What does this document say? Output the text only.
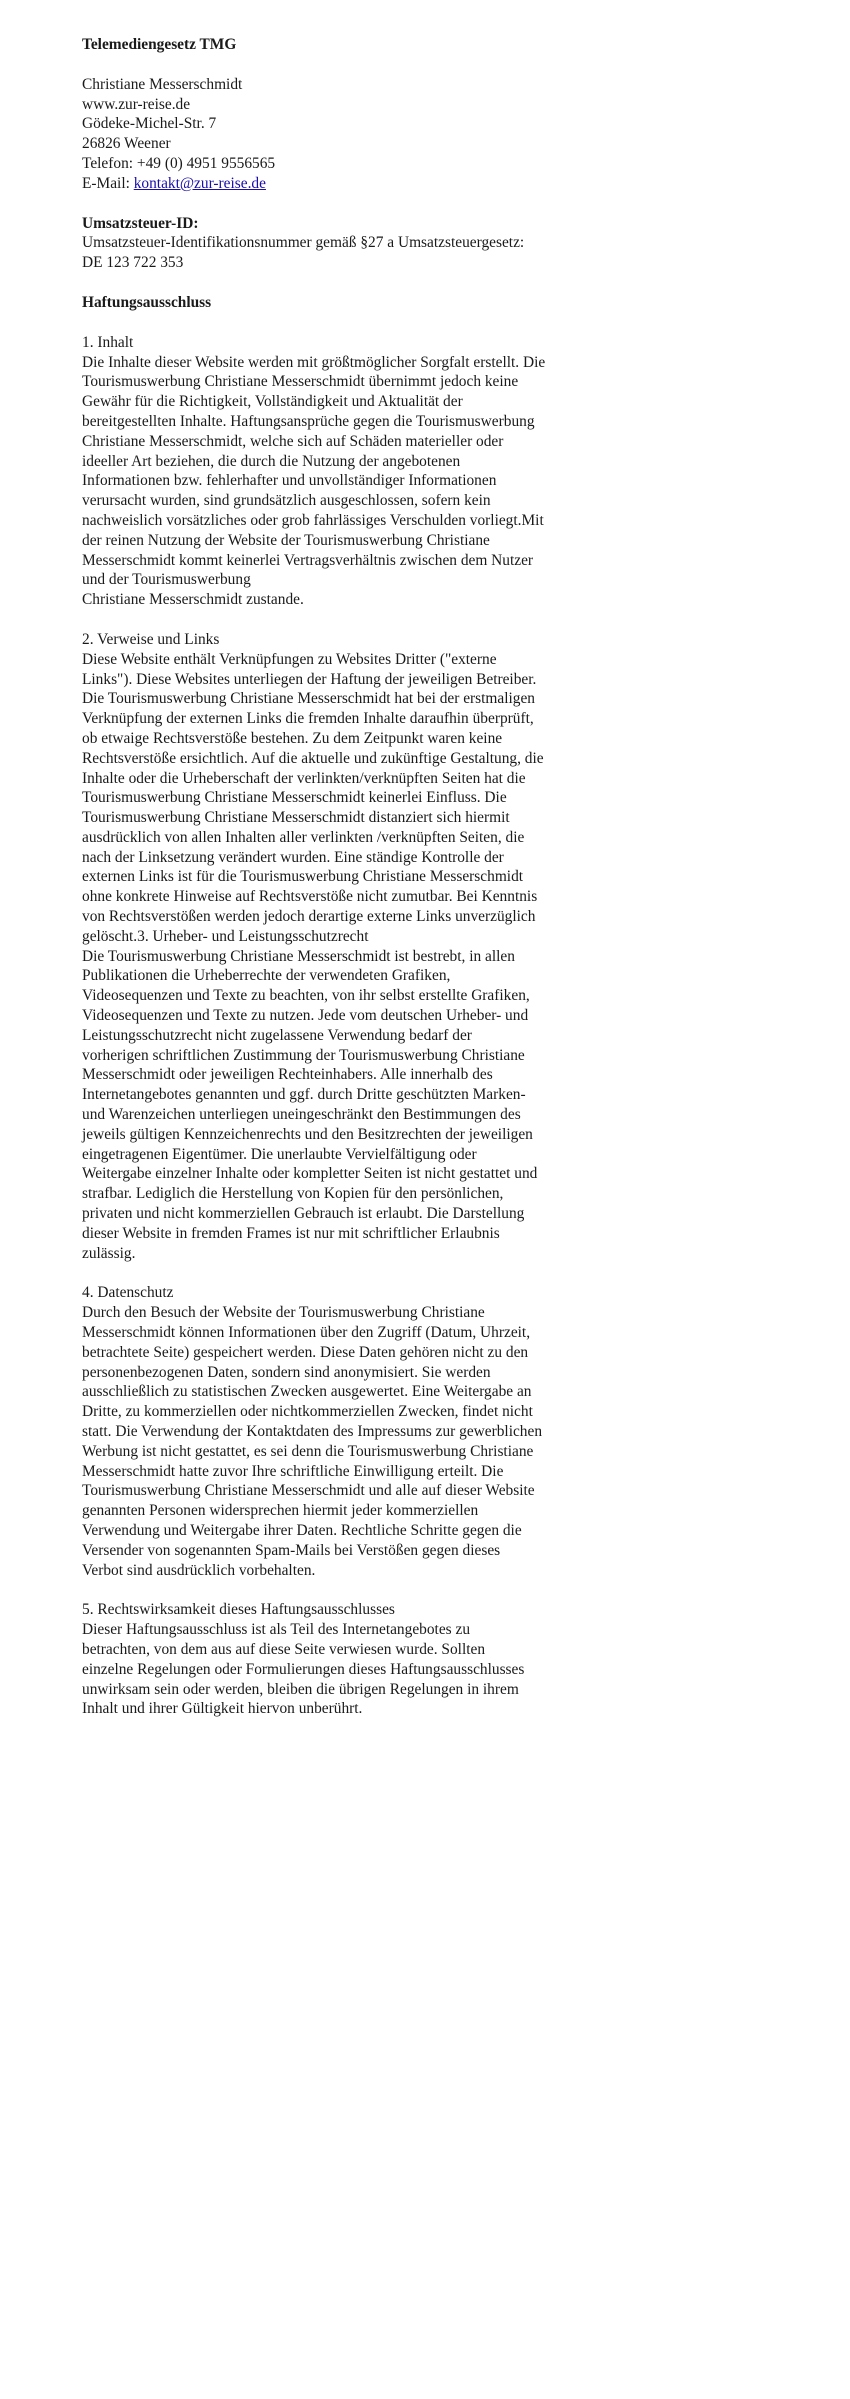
Telemediengesetz TMG
Christiane Messerschmidt
www.zur-reise.de
Gödeke-Michel-Str. 7
26826 Weener
Telefon: +49 (0) 4951 9556565
E-Mail: kontakt@zur-reise.de
Umsatzsteuer-ID:
Umsatzsteuer-Identifikationsnummer gemäß §27 a Umsatzsteuergesetz:
DE 123 722 353
Haftungsausschluss
1. Inhalt
Die Inhalte dieser Website werden mit größtmöglicher Sorgfalt erstellt. Die
Tourismuswerbung Christiane Messerschmidt übernimmt jedoch keine
Gewähr für die Richtigkeit, Vollständigkeit und Aktualität der
bereitgestellten Inhalte. Haftungsansprüche gegen die Tourismuswerbung
Christiane Messerschmidt, welche sich auf Schäden materieller oder
ideeller Art beziehen, die durch die Nutzung der angebotenen
Informationen bzw. fehlerhafter und unvollständiger Informationen
verursacht wurden, sind grundsätzlich ausgeschlossen, sofern kein
nachweislich vorsätzliches oder grob fahrlässiges Verschulden vorliegt.Mit
der reinen Nutzung der Website der Tourismuswerbung Christiane
Messerschmidt kommt keinerlei Vertragsverhältnis zwischen dem Nutzer
und der Tourismuswerbung
Christiane Messerschmidt zustande.
2. Verweise und Links
Diese Website enthält Verknüpfungen zu Websites Dritter ("externe
Links"). Diese Websites unterliegen der Haftung der jeweiligen Betreiber.
Die Tourismuswerbung Christiane Messerschmidt hat bei der erstmaligen
Verknüpfung der externen Links die fremden Inhalte daraufhin überprüft,
ob etwaige Rechtsverstöße bestehen. Zu dem Zeitpunkt waren keine
Rechtsverstöße ersichtlich. Auf die aktuelle und zukünftige Gestaltung, die
Inhalte oder die Urheberschaft der verlinkten/verknüpften Seiten hat die
Tourismuswerbung Christiane Messerschmidt keinerlei Einfluss. Die
Tourismuswerbung Christiane Messerschmidt distanziert sich hiermit
ausdrücklich von allen Inhalten aller verlinkten /verknüpften Seiten, die
nach der Linksetzung verändert wurden. Eine ständige Kontrolle der
externen Links ist für die Tourismuswerbung Christiane Messerschmidt
ohne konkrete Hinweise auf Rechtsverstöße nicht zumutbar. Bei Kenntnis
von Rechtsverstößen werden jedoch derartige externe Links unverzüglich
gelöscht.3. Urheber- und Leistungsschutzrecht
Die Tourismuswerbung Christiane Messerschmidt ist bestrebt, in allen
Publikationen die Urheberrechte der verwendeten Grafiken,
Videosequenzen und Texte zu beachten, von ihr selbst erstellte Grafiken,
Videosequenzen und Texte zu nutzen. Jede vom deutschen Urheber- und
Leistungsschutzrecht nicht zugelassene Verwendung bedarf der
vorherigen schriftlichen Zustimmung der Tourismuswerbung Christiane
Messerschmidt oder jeweiligen Rechteinhabers. Alle innerhalb des
Internetangebotes genannten und ggf. durch Dritte geschützten Marken-
und Warenzeichen unterliegen uneingeschränkt den Bestimmungen des
jeweils gültigen Kennzeichenrechts und den Besitzrechten der jeweiligen
eingetragenen Eigentümer. Die unerlaubte Vervielfältigung oder
Weitergabe einzelner Inhalte oder kompletter Seiten ist nicht gestattet und
strafbar. Lediglich die Herstellung von Kopien für den persönlichen,
privaten und nicht kommerziellen Gebrauch ist erlaubt. Die Darstellung
dieser Website in fremden Frames ist nur mit schriftlicher Erlaubnis
zulässig.
4. Datenschutz
Durch den Besuch der Website der Tourismuswerbung Christiane
Messerschmidt können Informationen über den Zugriff (Datum, Uhrzeit,
betrachtete Seite) gespeichert werden. Diese Daten gehören nicht zu den
personenbezogenen Daten, sondern sind anonymisiert. Sie werden
ausschließlich zu statistischen Zwecken ausgewertet. Eine Weitergabe an
Dritte, zu kommerziellen oder nichtkommerziellen Zwecken, findet nicht
statt. Die Verwendung der Kontaktdaten des Impressums zur gewerblichen
Werbung ist nicht gestattet, es sei denn die Tourismuswerbung Christiane
Messerschmidt hatte zuvor Ihre schriftliche Einwilligung erteilt. Die
Tourismuswerbung Christiane Messerschmidt und alle auf dieser Website
genannten Personen widersprechen hiermit jeder kommerziellen
Verwendung und Weitergabe ihrer Daten. Rechtliche Schritte gegen die
Versender von sogenannten Spam-Mails bei Verstößen gegen dieses
Verbot sind ausdrücklich vorbehalten.
5. Rechtswirksamkeit dieses Haftungsausschlusses
Dieser Haftungsausschluss ist als Teil des Internetangebotes zu
betrachten, von dem aus auf diese Seite verwiesen wurde. Sollten
einzelne Regelungen oder Formulierungen dieses Haftungsausschlusses
unwirksam sein oder werden, bleiben die übrigen Regelungen in ihrem
Inhalt und ihrer Gültigkeit hiervon unberührt.
